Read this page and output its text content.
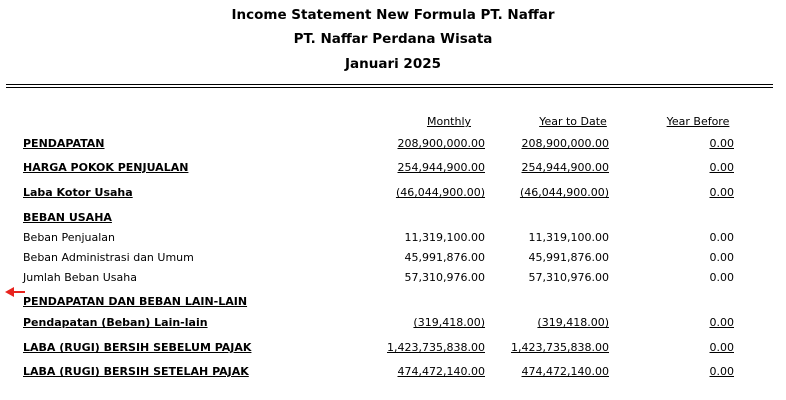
Income Statement New Formula PT. Naffar
PT. Naffar Perdana Wisata
Januari 2025
Monthly	Year to Date	Year Before
PENDAPATAN	208,900,000.00	208,900,000.00	0.00
HARGA POKOK PENJUALAN	254,944,900.00	254,944,900.00	0.00
Laba Kotor Usaha	(46,044,900.00)	(46,044,900.00)	0.00
BEBAN USAHA
Beban Penjualan	11,319,100.00	11,319,100.00	0.00
Beban Administrasi dan Umum	45,991,876.00	45,991,876.00	0.00
Jumlah Beban Usaha	57,310,976.00	57,310,976.00	0.00
PENDAPATAN DAN BEBAN LAIN-LAIN
Pendapatan (Beban) Lain-lain	(319,418.00)	(319,418.00)	0.00
LABA (RUGI) BERSIH SEBELUM PAJAK	1,423,735,838.00 1,423,735,838.00	0.00
LABA (RUGI) BERSIH SETELAH PAJAK	474,472,140.00	474,472,140.00	0.00
